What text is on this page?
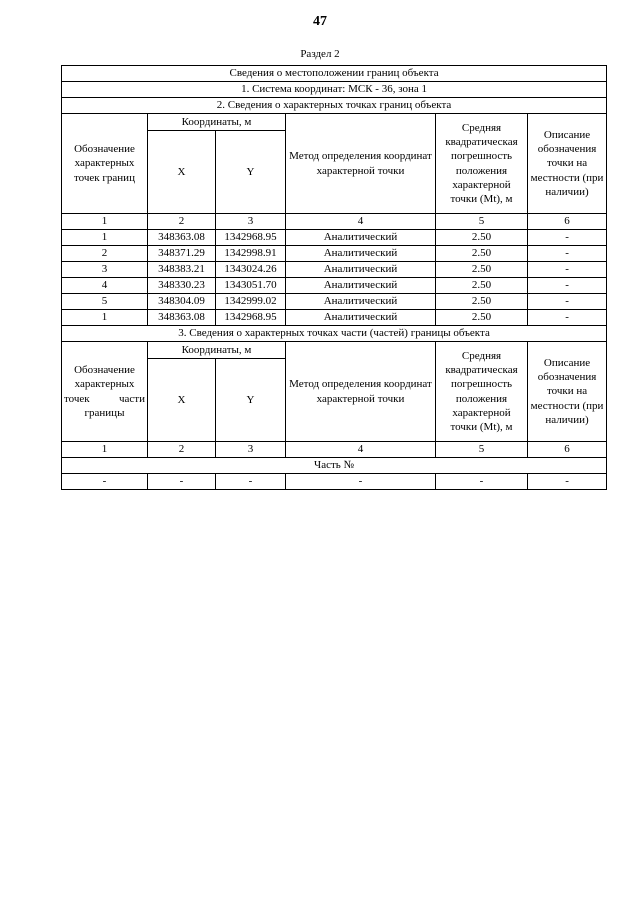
47
Раздел 2
Сведения о местоположении границ объекта					
1. Система координат: МСК - 36, зона 1					
2. Сведения о характерных точках границ объекта					
Обозначение характерных точек границ	Координаты, м		Метод определения координат характерной точки	Средняя квадратическая погрешность положения характерной точки (Mt), м	Описание обозначения точки на местности (при наличии)
	X	Y			
1	2	3	4	5	6
1	348363.08	1342968.95	Аналитический	2.50	-
2	348371.29	1342998.91	Аналитический	2.50	-
3	348383.21	1343024.26	Аналитический	2.50	-
4	348330.23	1343051.70	Аналитический	2.50	-
5	348304.09	1342999.02	Аналитический	2.50	-
1	348363.08	1342968.95	Аналитический	2.50	-
3. Сведения о характерных точках части (частей) границы объекта					

Обозначение
характерных
точек части
границы	Координаты, м		Метод определения координат характерной точки	Средняя квадратическая погрешность положения характерной точки (Mt), м	Описание обозначения точки на местности (при наличии)
	X	Y			
1	2	3	4	5	6
Часть №					
-	-	-	-	-	-
